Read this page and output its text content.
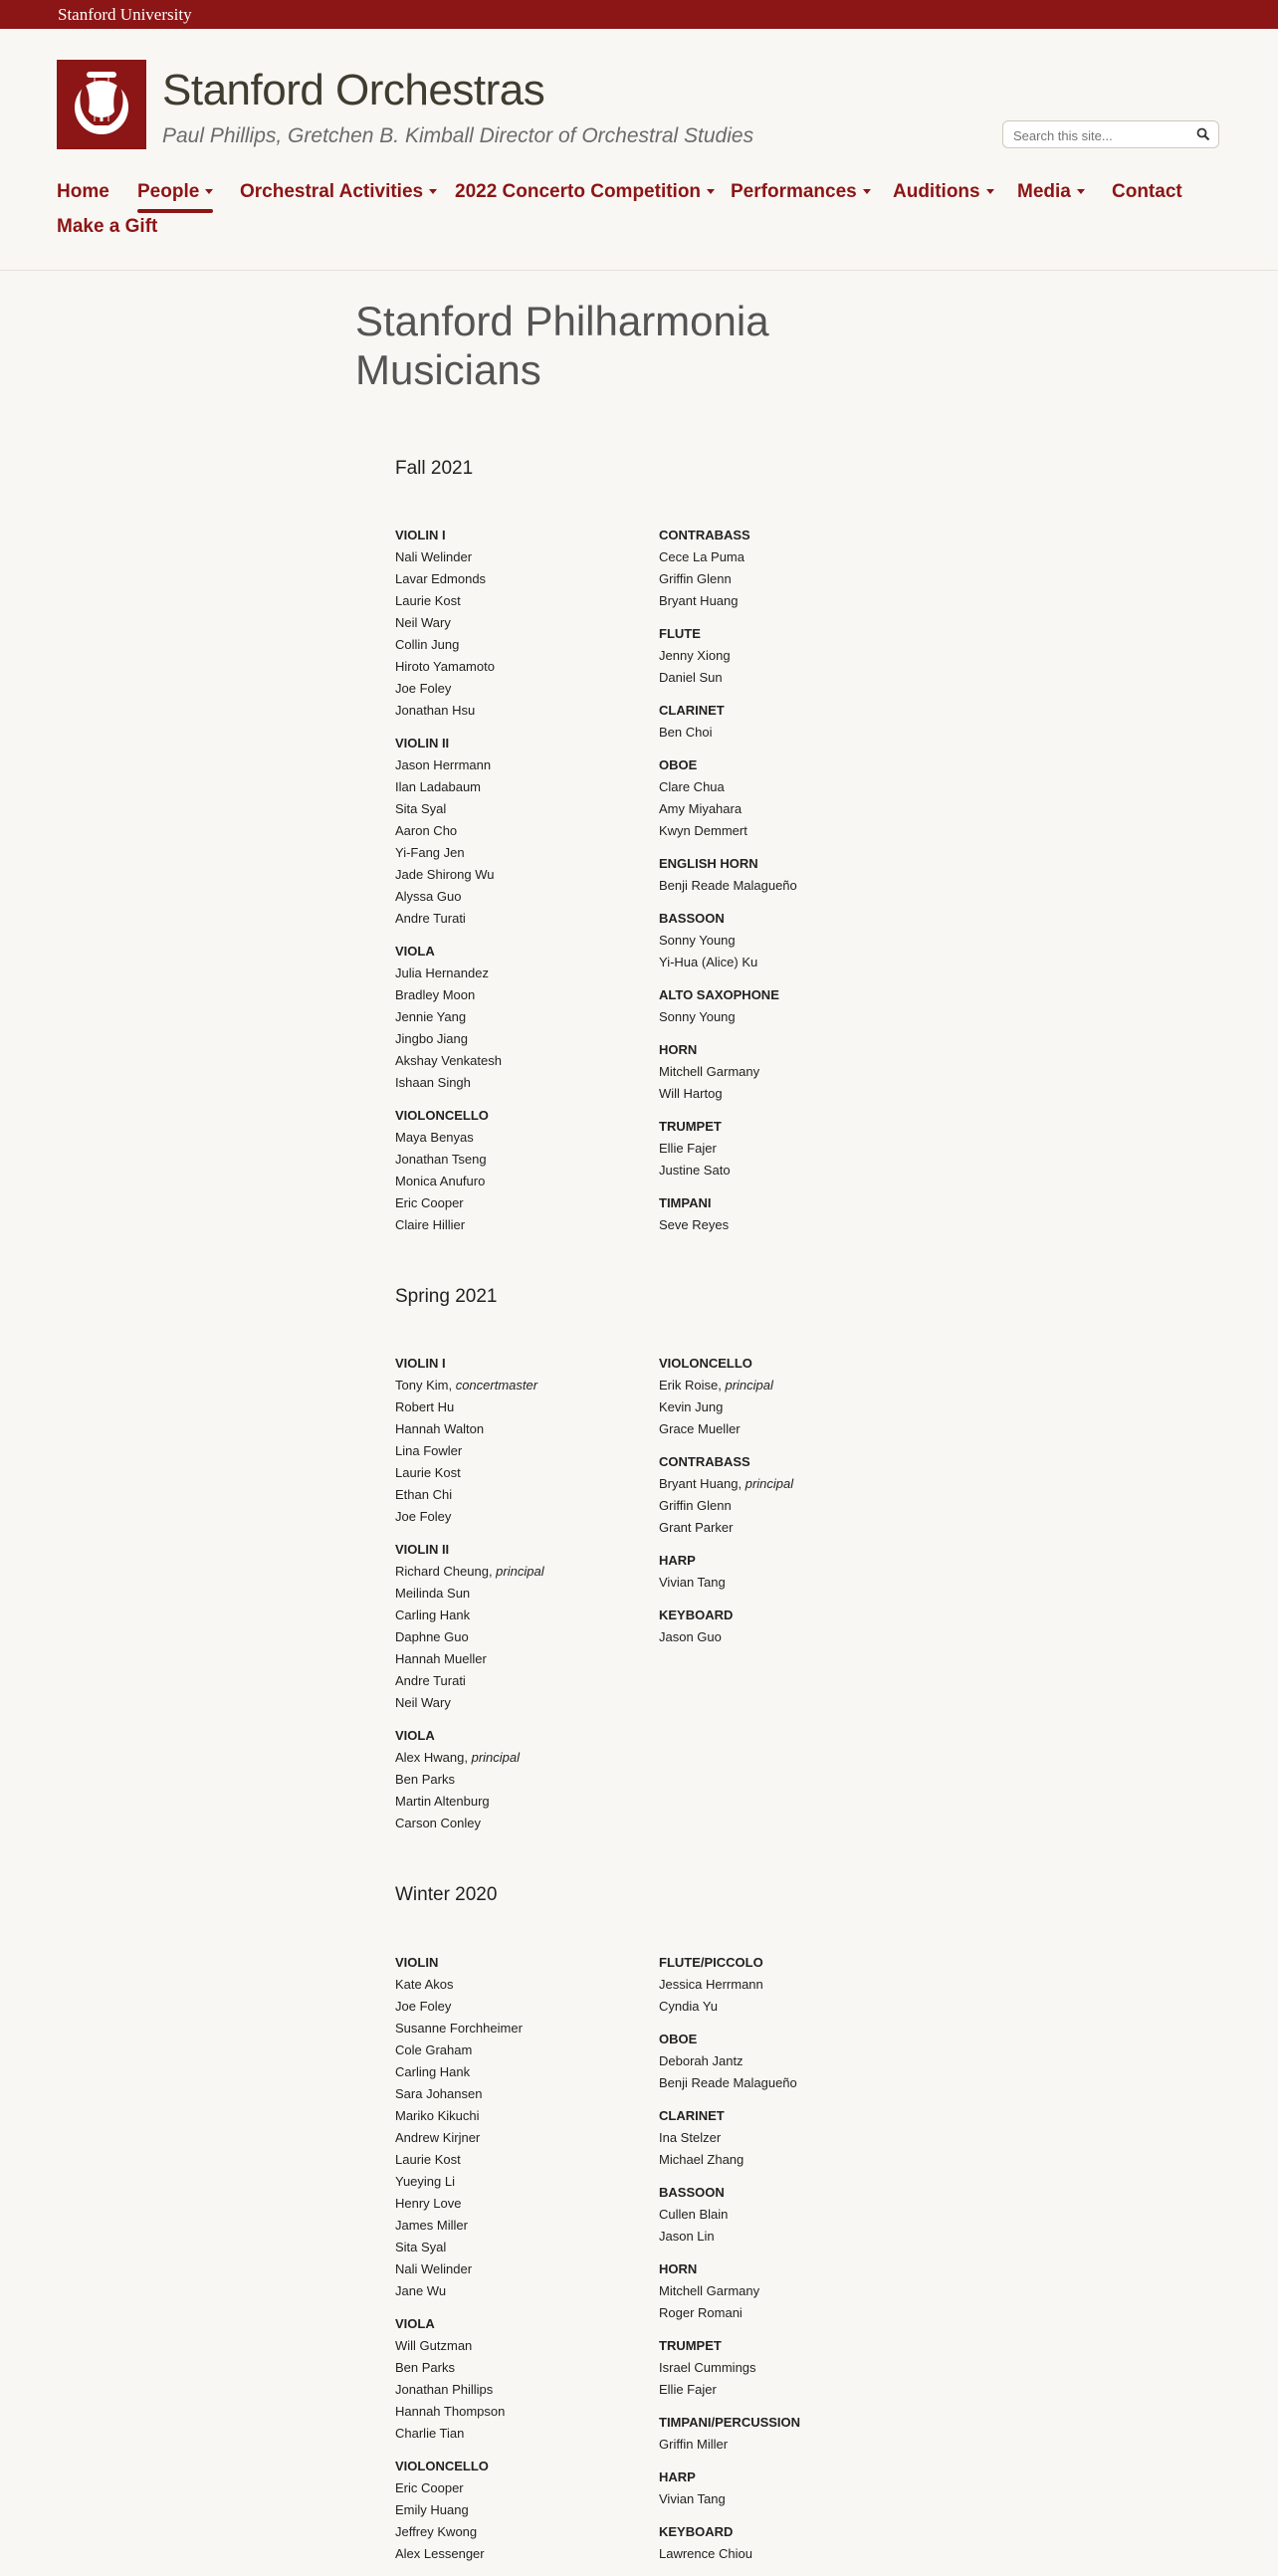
Stanford University
Stanford Orchestras
Paul Phillips, Gretchen B. Kimball Director of Orchestral Studies
Search this site...
Home People	Orchestral Activities	2022 Concerto Competition	Performances	Auditions	Media	Contact
Make a Gift
Stanford Philharmonia Musicians
Fall 2021
VIOLIN I
Nali Welinder
Lavar Edmonds
Laurie Kost
Neil Wary
Collin Jung
Hiroto Yamamoto
Joe Foley
Jonathan Hsu
VIOLIN II
Jason Herrmann
Ilan Ladabaum
Sita Syal
Aaron Cho
Yi-Fang Jen
Jade Shirong Wu
Alyssa Guo
Andre Turati
VIOLA
Julia Hernandez
Bradley Moon
Jennie Yang
Jingbo Jiang
Akshay Venkatesh
Ishaan Singh
VIOLONCELLO
Maya Benyas
Jonathan Tseng
Monica Anufuro
Eric Cooper
Claire Hillier
CONTRABASS
Cece La Puma
Griffin Glenn
Bryant Huang
FLUTE
Jenny Xiong
Daniel Sun
CLARINET
Ben Choi
OBOE
Clare Chua
Amy Miyahara
Kwyn Demmert
ENGLISH HORN
Benji Reade Malagueño
BASSOON
Sonny Young
Yi-Hua (Alice) Ku
ALTO SAXOPHONE
Sonny Young
HORN
Mitchell Garmany
Will Hartog
TRUMPET
Ellie Fajer
Justine Sato
TIMPANI
Seve Reyes
Spring 2021
VIOLIN I
Tony Kim, concertmaster
Robert Hu
Hannah Walton
Lina Fowler
Laurie Kost
Ethan Chi
Joe Foley
VIOLIN II
Richard Cheung, principal
Meilinda Sun
Carling Hank
Daphne Guo
Hannah Mueller
Andre Turati
Neil Wary
VIOLA
Alex Hwang, principal
Ben Parks
Martin Altenburg
Carson Conley
VIOLONCELLO
Erik Roise, principal
Kevin Jung
Grace Mueller
CONTRABASS
Bryant Huang, principal
Griffin Glenn
Grant Parker
HARP
Vivian Tang
KEYBOARD
Jason Guo
Winter 2020
VIOLIN
Kate Akos
Joe Foley
Susanne Forchheimer
Cole Graham
Carling Hank
Sara Johansen
Mariko Kikuchi
Andrew Kirjner
Laurie Kost
Yueying Li
Henry Love
James Miller
Sita Syal
Nali Welinder
Jane Wu
VIOLA
Will Gutzman
Ben Parks
Jonathan Phillips
Hannah Thompson
Charlie Tian
VIOLONCELLO
Eric Cooper
Emily Huang
Jeffrey Kwong
Alex Lessenger
FLUTE/PICCOLO
Jessica Herrmann
Cyndia Yu
OBOE
Deborah Jantz
Benji Reade Malagueño
CLARINET
Ina Stelzer
Michael Zhang
BASSOON
Cullen Blain
Jason Lin
HORN
Mitchell Garmany
Roger Romani
TRUMPET
Israel Cummings
Ellie Fajer
TIMPANI/PERCUSSION
Griffin Miller
HARP
Vivian Tang
KEYBOARD
Lawrence Chiou
